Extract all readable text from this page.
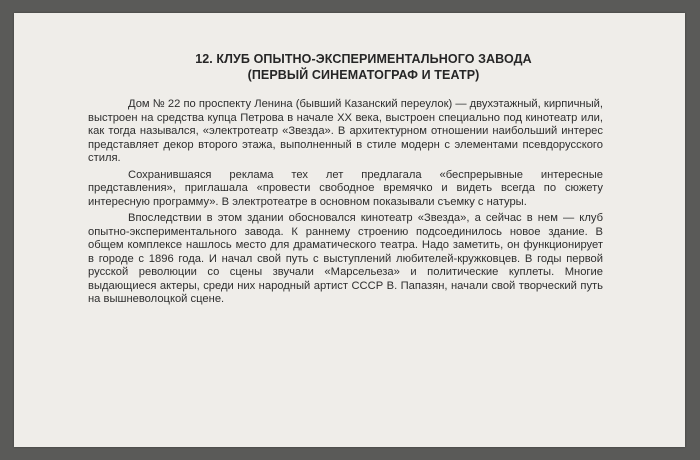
12. КЛУБ ОПЫТНО-ЭКСПЕРИМЕНТАЛЬНОГО ЗАВОДА
(ПЕРВЫЙ СИНЕМАТОГРАФ И ТЕАТР)

Дом № 22 по проспекту Ленина (бывший Казанский переулок) — двухэтажный, кирпичный, выстроен на средства купца Петрова в начале XX века, выстроен специально под кинотеатр или, как тогда назывался, «электротеатр «Звезда». В архитектурном отношении наибольший интерес представляет декор второго этажа, выполненный в стиле модерн с элементами псевдорусского стиля.

Сохранившаяся реклама тех лет предлагала «беспрерывные интересные представления», приглашала «провести свободное времячко и видеть всегда по сюжету интересную программу». В электротеатре в основном показывали съемку с натуры.

Впоследствии в этом здании обосновался кинотеатр «Звезда», а сейчас в нем — клуб опытно-экспериментального завода. К раннему строению подсоединилось новое здание. В общем комплексе нашлось место для драматического театра. Надо заметить, он функционирует в городе с 1896 года. И начал свой путь с выступлений любителей-кружковцев. В годы первой русской революции со сцены звучали «Марсельеза» и политические куплеты. Многие выдающиеся актеры, среди них народный артист СССР В. Папазян, начали свой творческий путь на вышневолоцкой сцене.
